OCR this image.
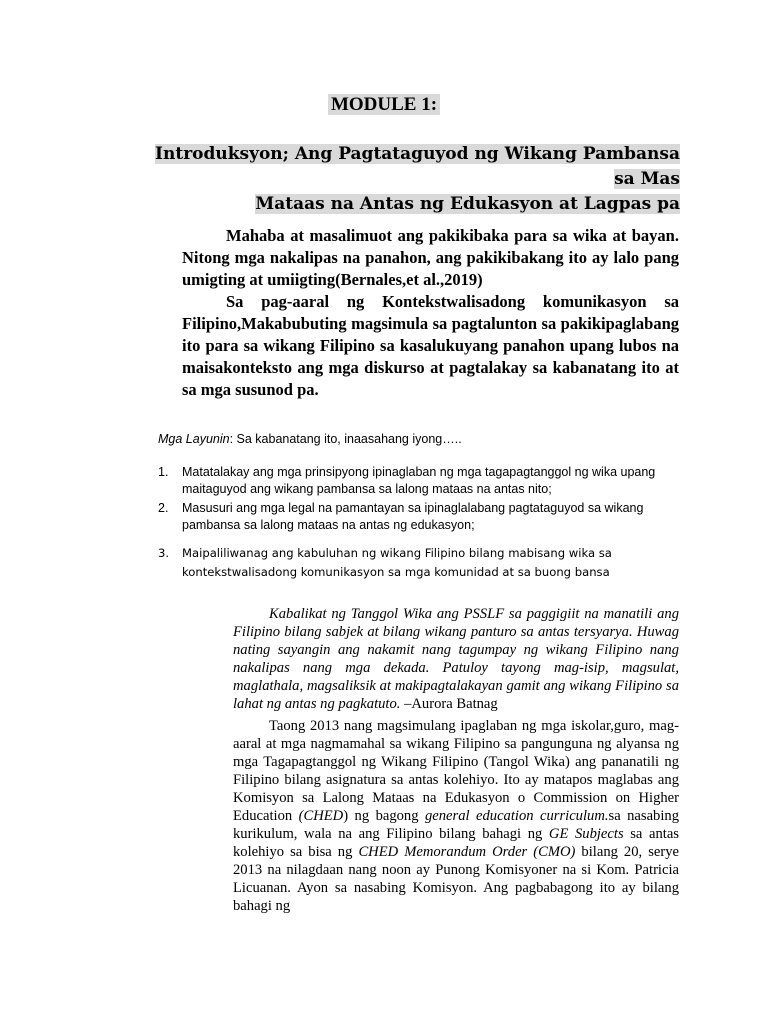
MODULE 1:
Introduksyon; Ang Pagtataguyod ng Wikang Pambansa sa Mas
Mataas na Antas ng Edukasyon at Lagpas pa

Mahaba at masalimuot ang pakikibaka para sa wika at bayan. Nitong mga nakalipas na panahon, ang pakikibakang ito ay lalo pang umigting at umiigting(Bernales,et al.,2019)

Sa pag-aaral ng Kontekstwalisadong komunikasyon sa Filipino,Makabubuting magsimula sa pagtalunton sa pakikipaglabang ito para sa wikang Filipino sa kasalukuyang panahon upang lubos na maisakonteksto ang mga diskurso at pagtalakay sa kabanatang ito at sa mga susunod pa.

Mga Layunin: Sa kabanatang ito, inaasahang iyong…..
1. Matatalakay ang mga prinsipyong ipinaglaban ng mga tagapagtanggol ng wika upang maitaguyod ang wikang pambansa sa lalong mataas na antas nito;
2. Masusuri ang mga legal na pamantayan sa ipinaglalabang pagtataguyod sa wikang pambansa sa lalong mataas na antas ng edukasyon;
3. Maipaliliwanag ang kabuluhan ng wikang Filipino bilang mabisang wika sa kontekstwalisadong komunikasyon sa mga komunidad at sa buong bansa

Kabalikat ng Tanggol Wika ang PSSLF sa paggigiit na manatili ang Filipino bilang sabjek at bilang wikang panturo sa antas tersyarya. Huwag nating sayangin ang nakamit nang tagumpay ng wikang Filipino nang nakalipas nang mga dekada. Patuloy tayong mag-isip, magsulat, maglathala, magsaliksik at makipagtalakayan gamit ang wikang Filipino sa lahat ng antas ng pagkatuto. –Aurora Batnag

Taong 2013 nang magsimulang ipaglaban ng mga iskolar,guro, mag-aaral at mga nagmamahal sa wikang Filipino sa pangunguna ng alyansa ng mga Tagapagtanggol ng Wikang Filipino (Tangol Wika) ang pananatili ng Filipino bilang asignatura sa antas kolehiyo. Ito ay matapos maglabas ang Komisyon sa Lalong Mataas na Edukasyon o Commission on Higher Education (CHED) ng bagong general education curriculum.sa nasabing kurikulum, wala na ang Filipino bilang bahagi ng GE Subjects sa antas kolehiyo sa bisa ng CHED Memorandum Order (CMO) bilang 20, serye 2013 na nilagdaan nang noon ay Punong Komisyoner na si Kom. Patricia Licuanan. Ayon sa nasabing Komisyon. Ang pagbabagong ito ay bilang bahagi ng
